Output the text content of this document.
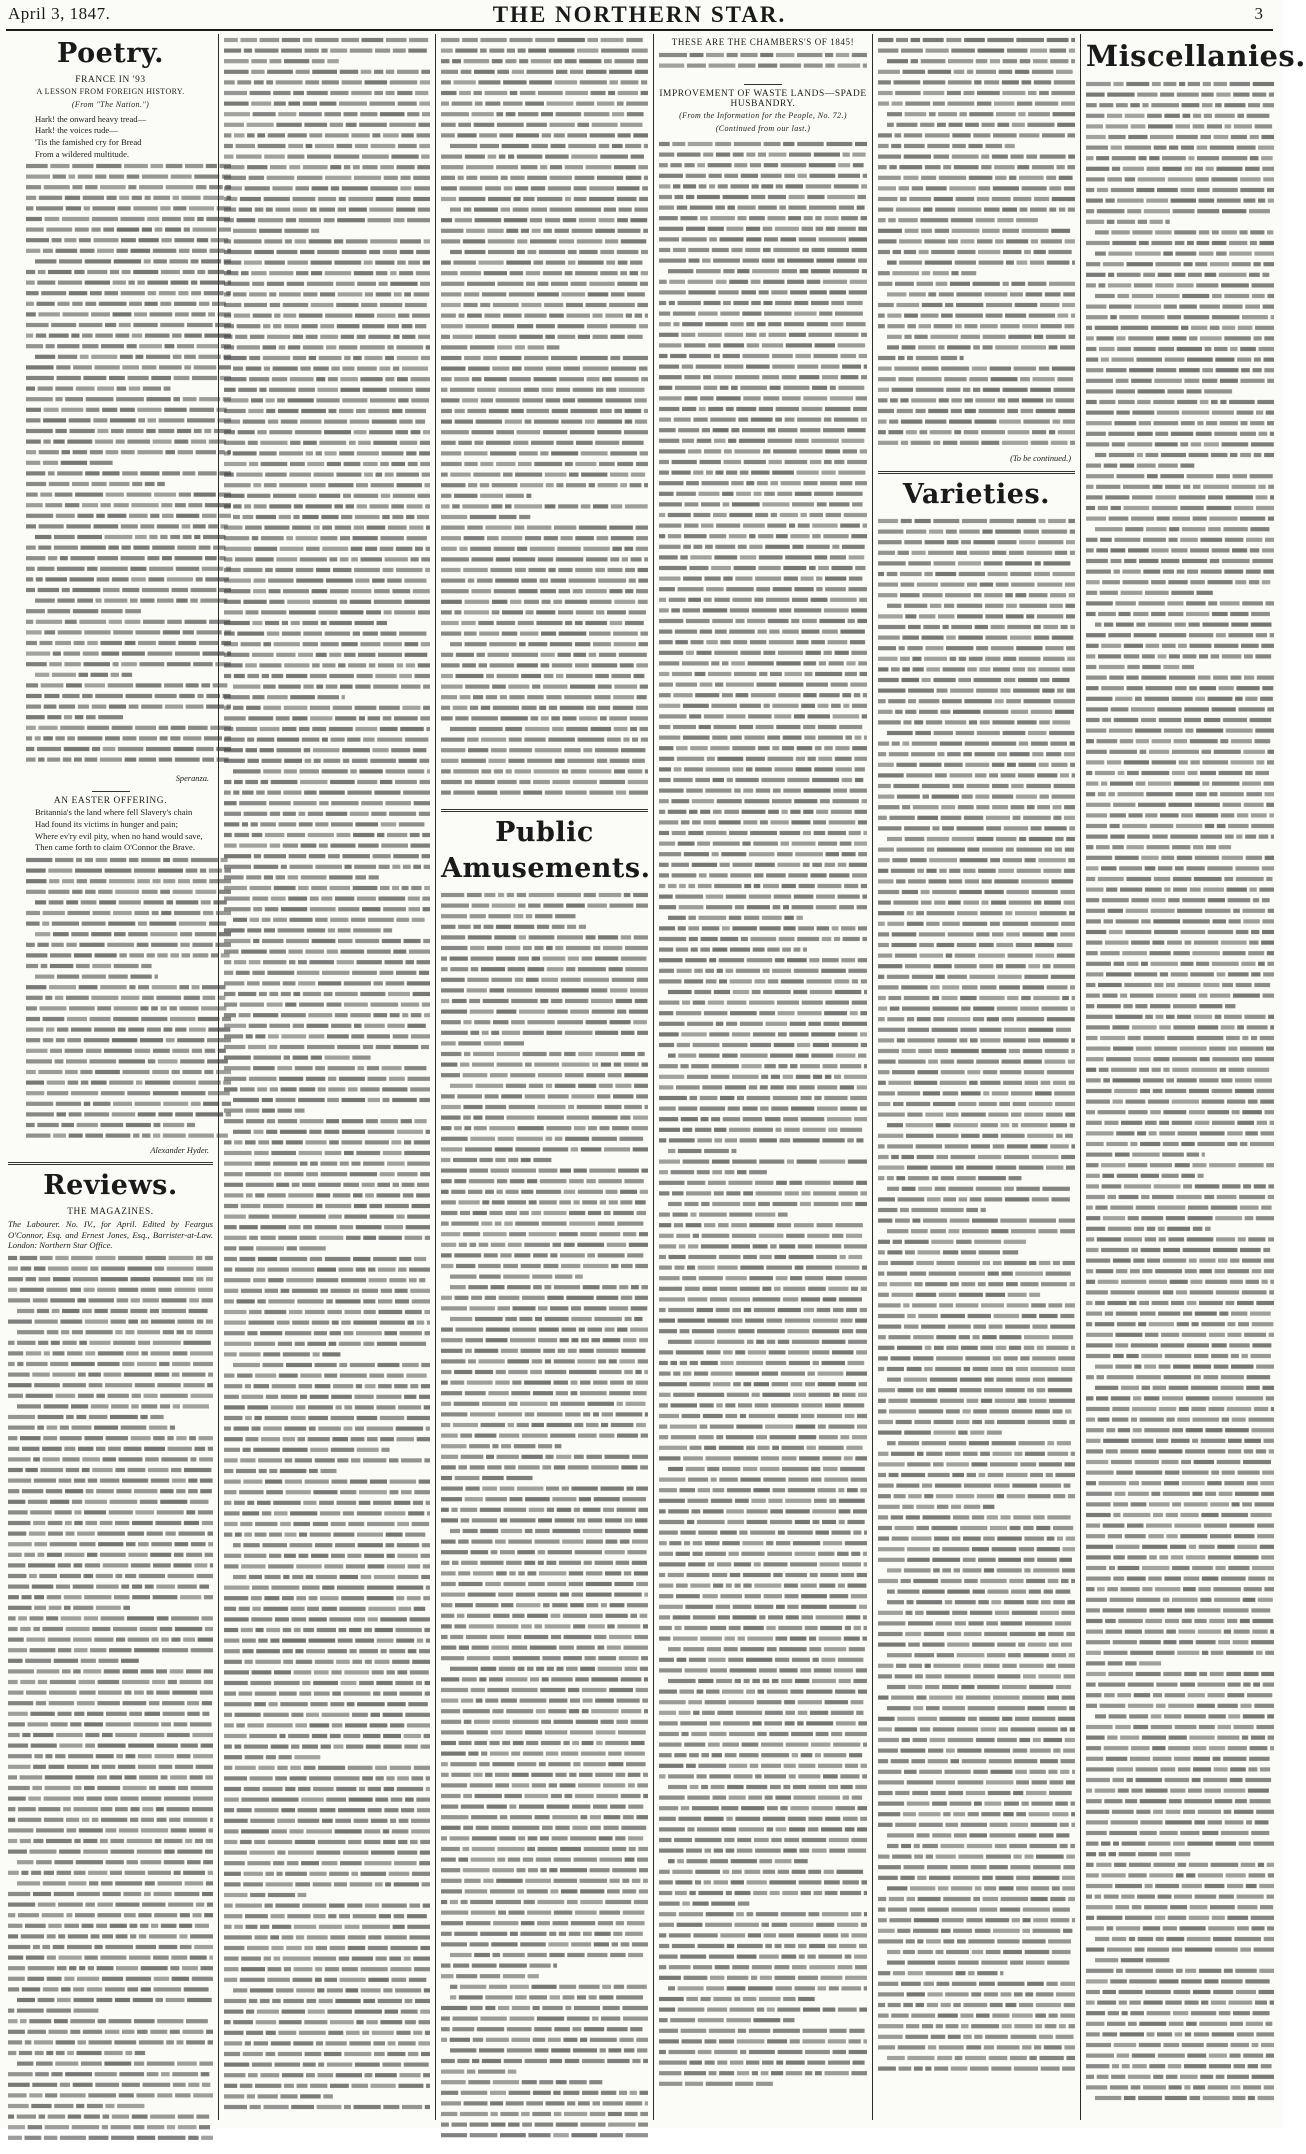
April 3, 1847.	THE NORTHERN STAR.	3
Poetry.
FRANCE IN '93
A LESSON FROM FOREIGN HISTORY.
(From "The Nation.")

Hark! the onward heavy tread—

Hark! the voices rude—

'Tis the famished cry for Bread

From a wildered multitude.

Speranza.
AN EASTER OFFERING.

Britannia's the land where fell Slavery's chain

Had found its victims in hunger and pain;

Where ev'ry evil pity, when no hand would save,

Then came forth to claim O'Connor the Brave.

Alexander Hyder.
Reviews.
THE MAGAZINES.

The Labourer. No. IV., for April. Edited by Feargus O'Connor, Esq. and Ernest Jones, Esq., Barrister-at-Law. London: Northern Star Office.

Public Amusements.
THESE ARE THE CHAMBERS'S OF 1845!
IMPROVEMENT OF WASTE LANDS—SPADE HUSBANDRY.
(From the Information for the People, No. 72.)
(Continued from our last.)
(To be continued.)
Varieties.
Miscellanies.
